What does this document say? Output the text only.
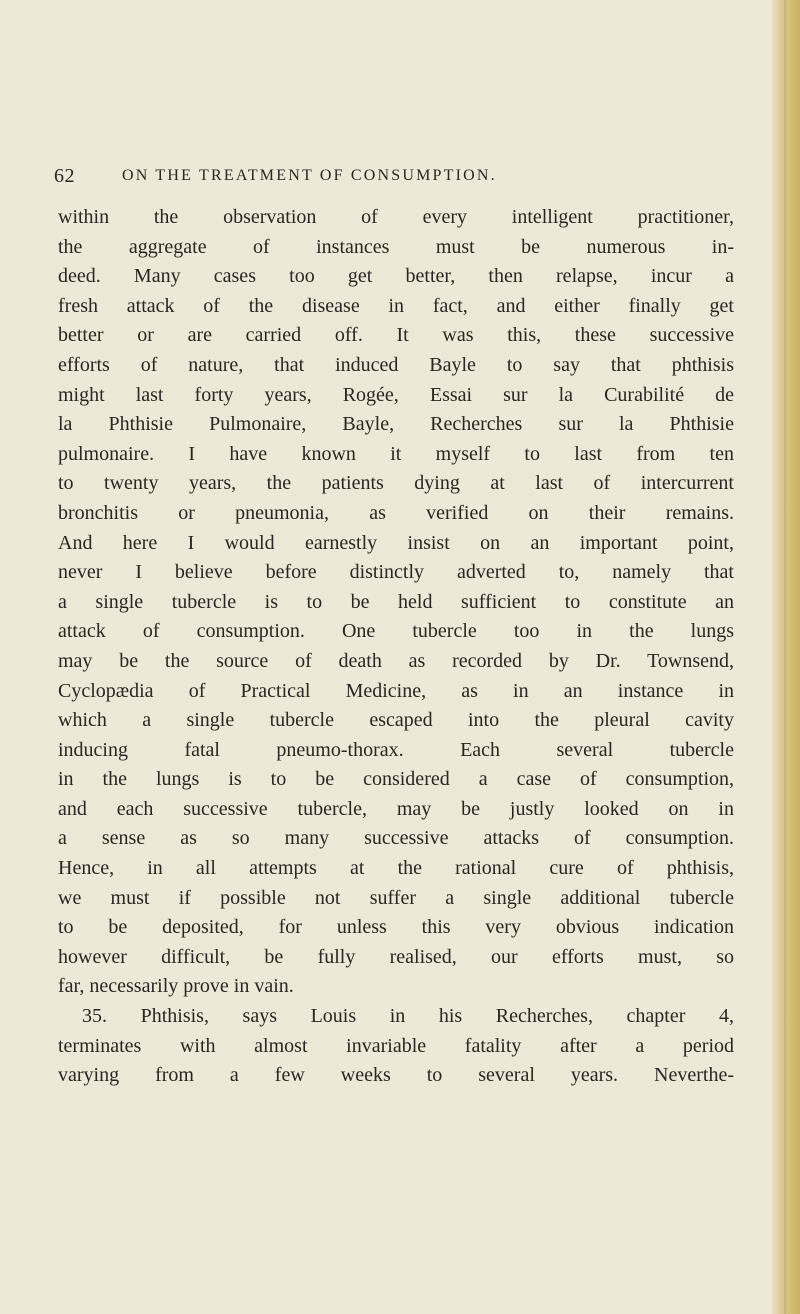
62	ON THE TREATMENT OF CONSUMPTION.
within the observation of every intelligent practitioner,
the aggregate of instances must be numerous in-
deed. Many cases too get better, then relapse, incur a
fresh attack of the disease in fact, and either finally get
better or are carried off. It was this, these successive
efforts of nature, that induced Bayle to say that phthisis
might last forty years, Rogée, Essai sur la Curabilité de
la Phthisie Pulmonaire, Bayle, Recherches sur la Phthisie
pulmonaire. I have known it myself to last from ten
to twenty years, the patients dying at last of intercurrent
bronchitis or pneumonia, as verified on their remains.
And here I would earnestly insist on an important point,
never I believe before distinctly adverted to, namely that
a single tubercle is to be held sufficient to constitute an
attack of consumption. One tubercle too in the lungs
may be the source of death as recorded by Dr. Townsend,
Cyclopædia of Practical Medicine, as in an instance in
which a single tubercle escaped into the pleural cavity
inducing fatal pneumo-thorax. Each several tubercle
in the lungs is to be considered a case of consumption,
and each successive tubercle, may be justly looked on in
a sense as so many successive attacks of consumption.
Hence, in all attempts at the rational cure of phthisis,
we must if possible not suffer a single additional tubercle
to be deposited, for unless this very obvious indication
however difficult, be fully realised, our efforts must, so
far, necessarily prove in vain.
35. Phthisis, says Louis in his Recherches, chapter 4,
terminates with almost invariable fatality after a period
varying from a few weeks to several years. Neverthe-
